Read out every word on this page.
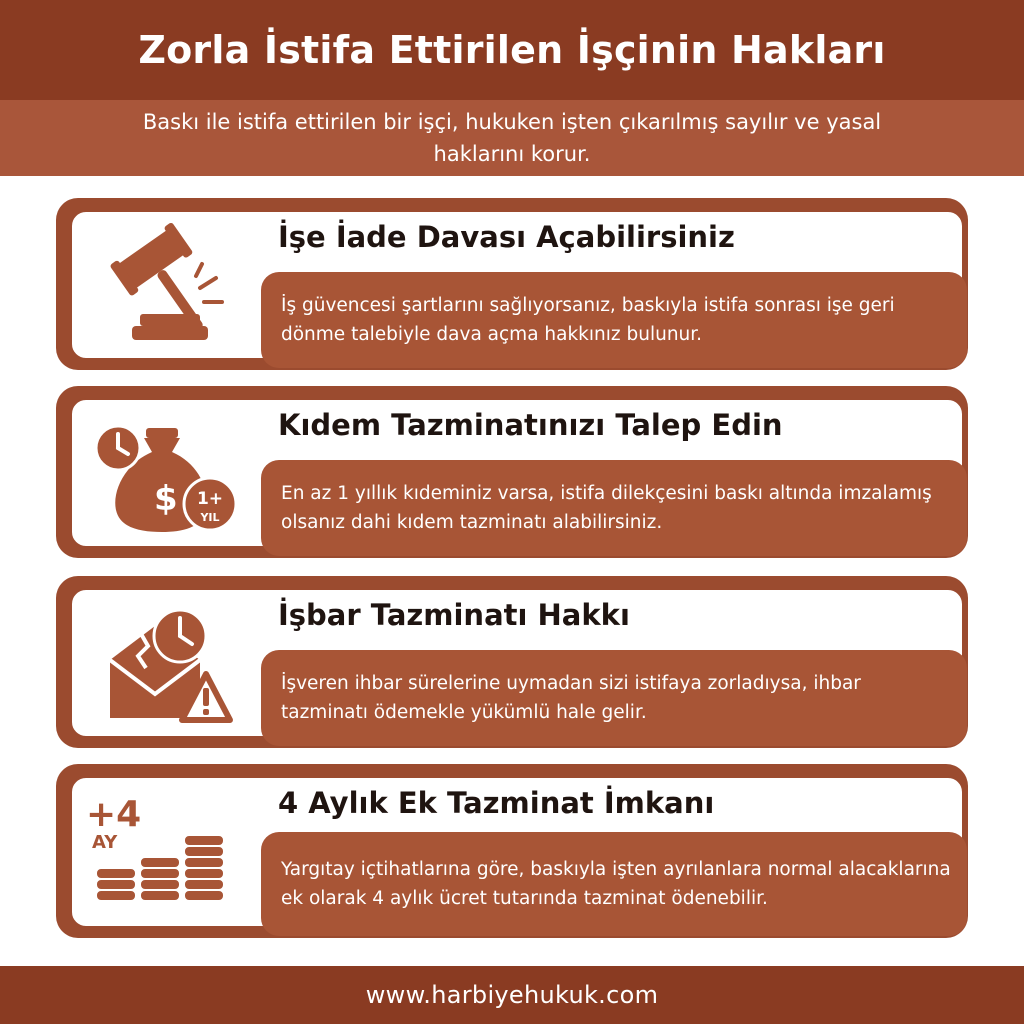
Zorla İstifa Ettirilen İşçinin Hakları

Baskı ile istifa ettirilen bir işçi, hukuken işten çıkarılmış sayılır ve yasal haklarını korur.

İşe İade Davası Açabilirsiniz

İş güvencesi şartlarını sağlıyorsanız, baskıyla istifa sonrası işe geri dönme talebiyle dava açma hakkınız bulunur.

$ 1+
YIL
Kıdem Tazminatınızı Talep Edin

En az 1 yıllık kıdeminiz varsa, istifa dilekçesini baskı altında imzalamış olsanız dahi kıdem tazminatı alabilirsiniz.

İşbar Tazminatı Hakkı

İşveren ihbar sürelerine uymadan sizi istifaya zorladıysa, ihbar tazminatı ödemekle yükümlü hale gelir.

+4
AY
4 Aylık Ek Tazminat İmkanı

Yargıtay içtihatlarına göre, baskıyla işten ayrılanlara normal alacaklarına ek olarak 4 aylık ücret tutarında tazminat ödenebilir.

www.harbiyehukuk.com
